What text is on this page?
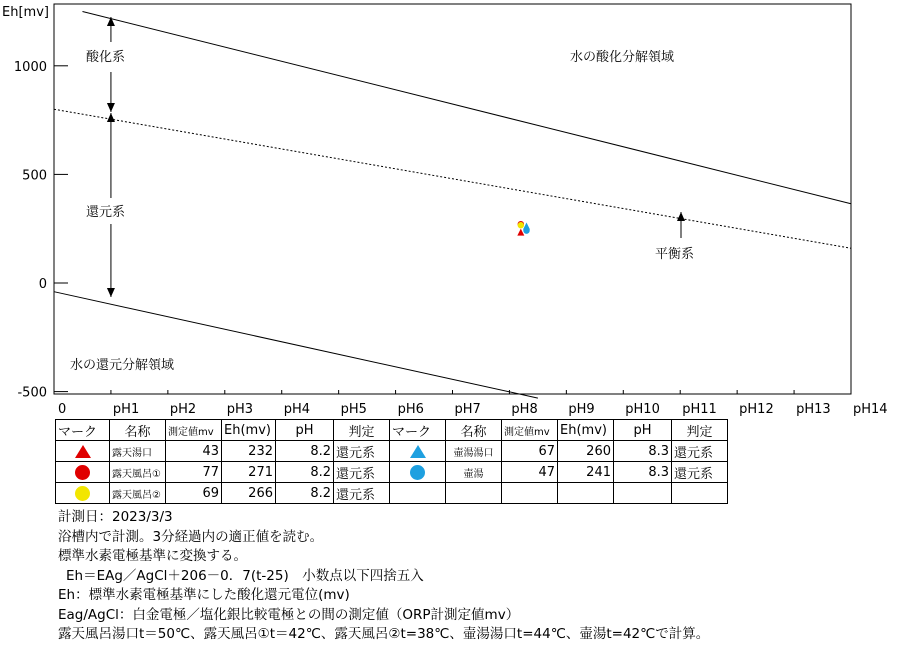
1000
500
0
-500
0	pH1 pH2 pH3 pH4 pH5 pH6 pH7 pH8 pH9 pH10 pH11 pH12 pH13 pH14
Eh[mv]
酸化系
還元系
平衡系
水の酸化分解領域
水の還元分解領域
マーク	名称	測定値mv	Eh(mv)	pH	判定	マーク	名称	測定値mv	Eh(mv)	pH	判定
	露天湯口	43	232	8.2	還元系		壷湯湯口	67	260	8.3	還元系
	露天風呂①	77	271	8.2	還元系		壷湯	47	241	8.3	還元系
	露天風呂②	69	266	8.2	還元系						
計測日：2023/3/3
浴槽内で計測。3分経過内の適正値を読む。
標準水素電極基準に変換する。
Eh＝EAg／AgCl＋206－0．7(t-25)　小数点以下四捨五入
Eh：標準水素電極基準にした酸化還元電位(mv)
Eag/AgCl：白金電極／塩化銀比較電極との間の測定値（ORP計測定値mv）
露天風呂湯口t＝50℃、露天風呂①t＝42℃、露天風呂②t=38℃、壷湯湯口t=44℃、壷湯t=42℃で計算。
